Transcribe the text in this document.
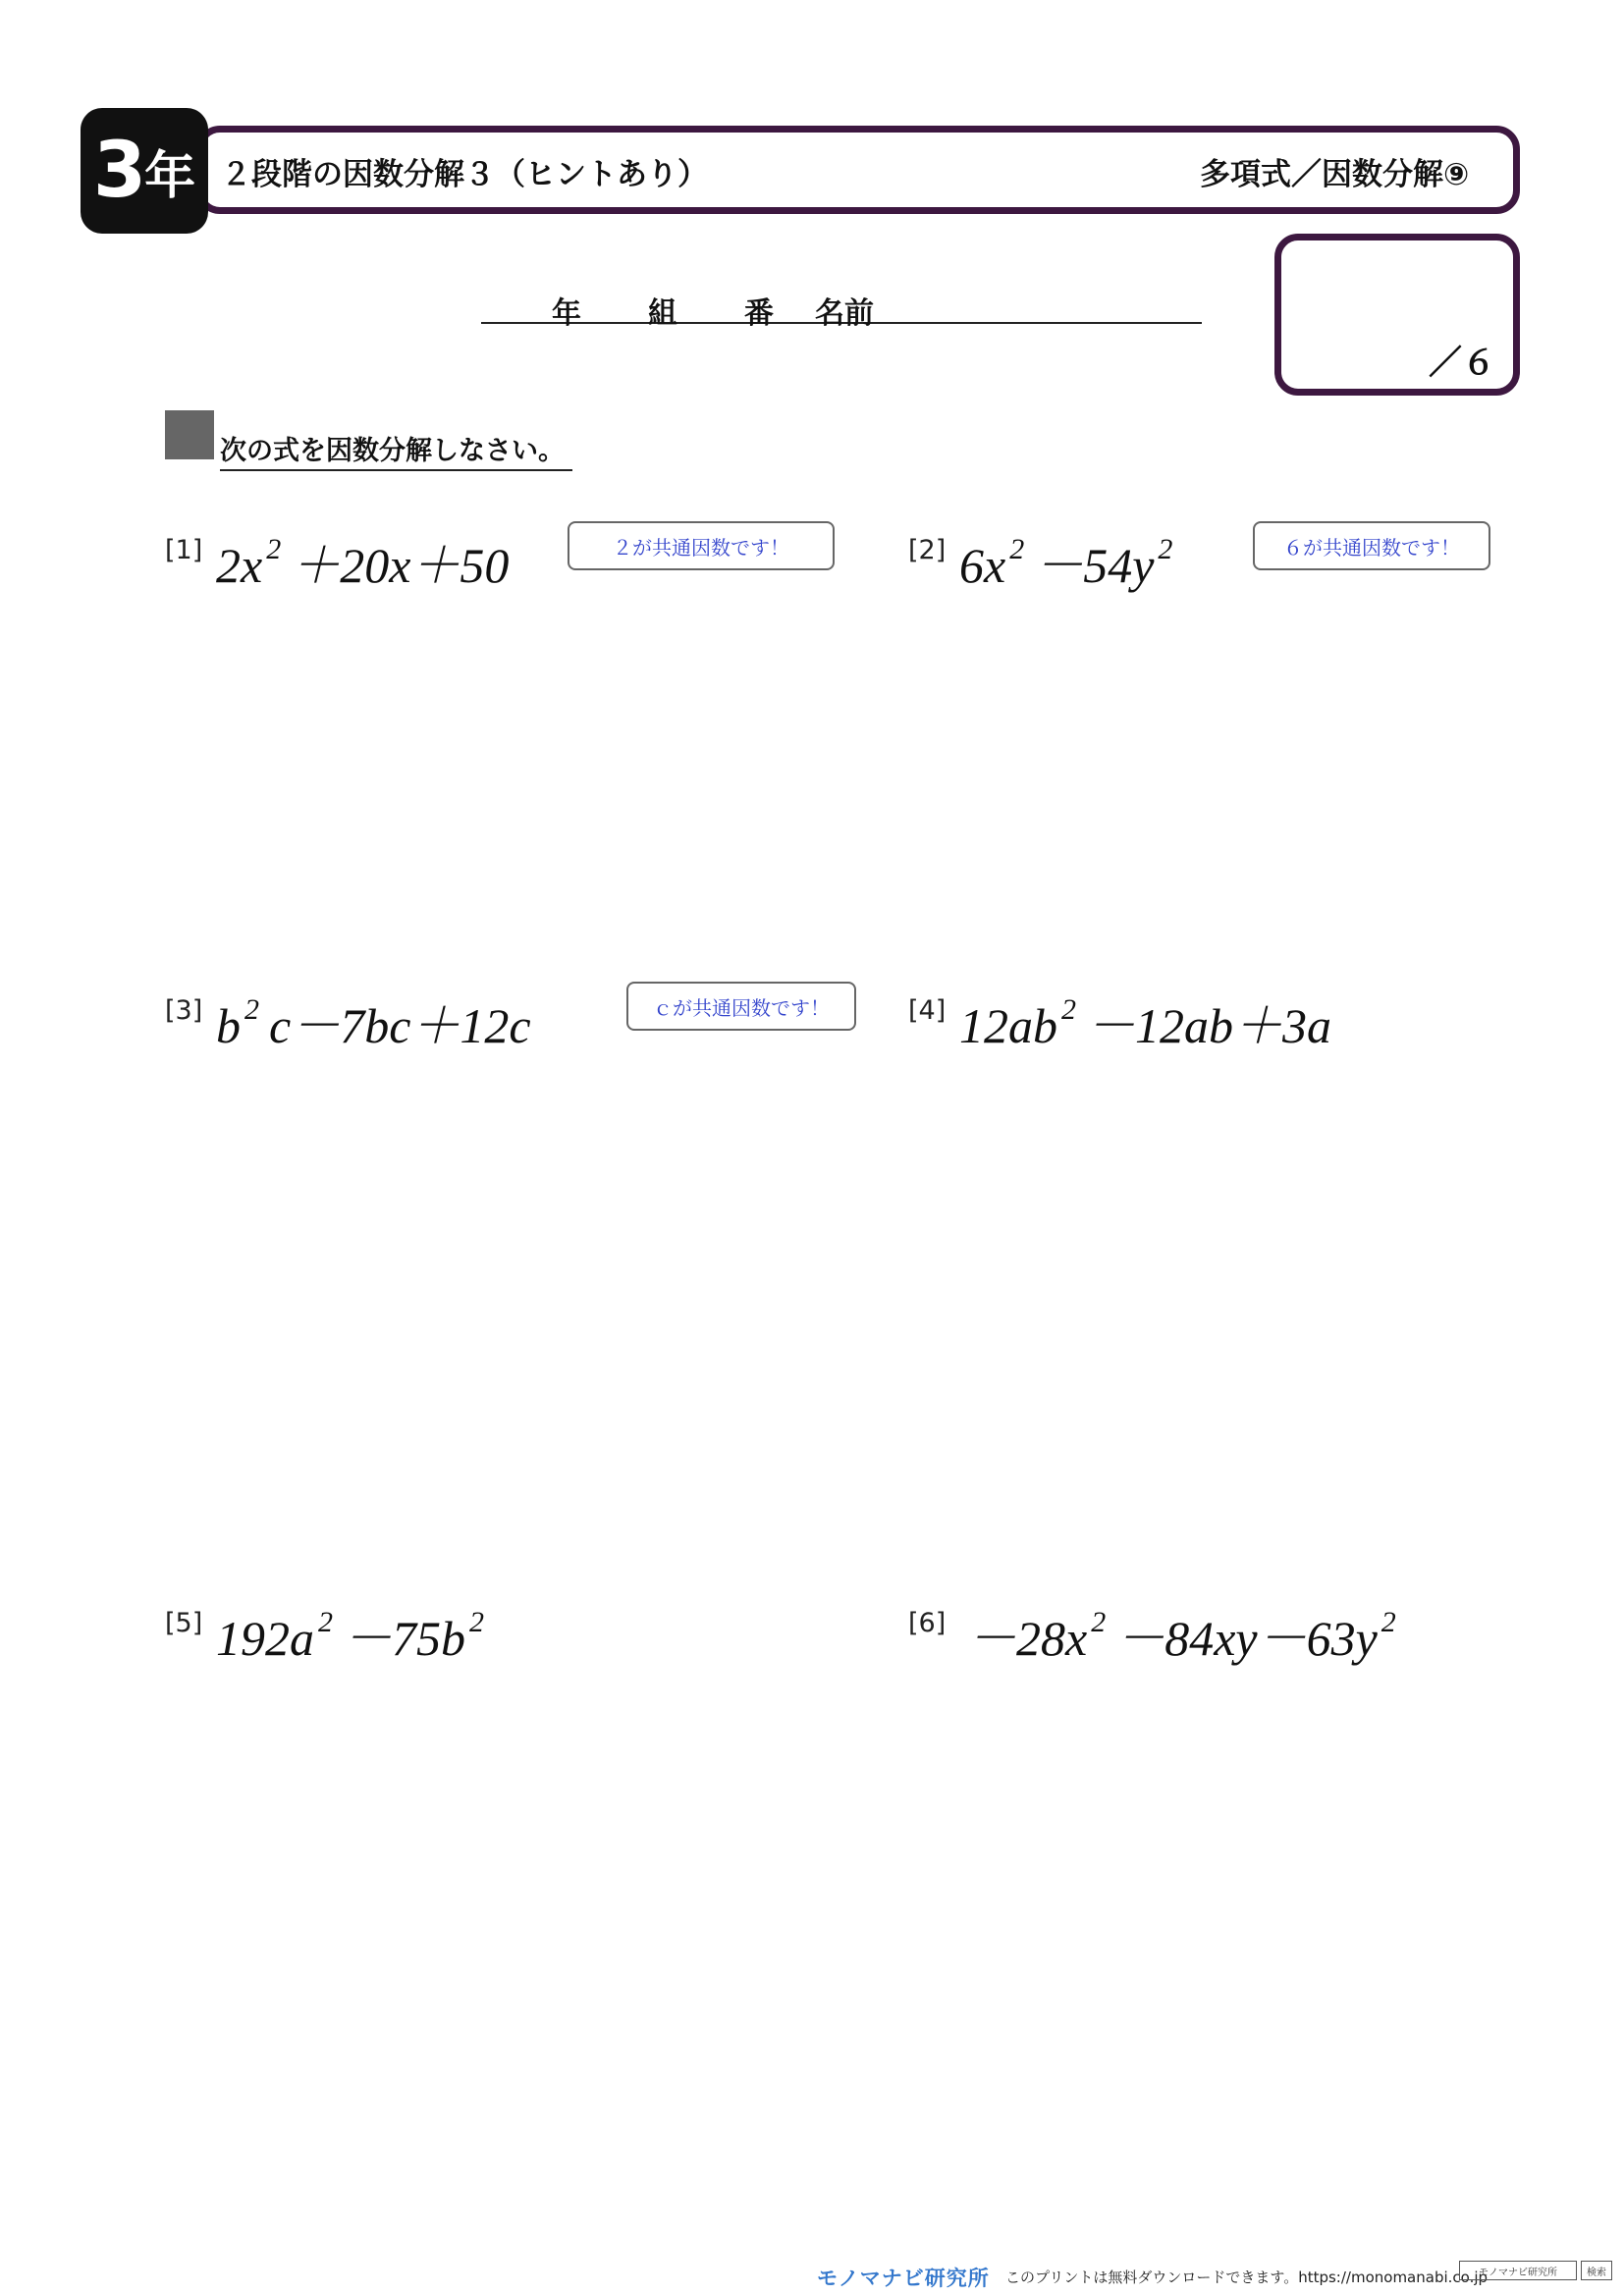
3 年 ２段階の因数分解３（ヒントあり）	多項式／因数分解⑨
年 組 番 名前
／６
次の式を因数分解しなさい。
[1] 2x $^2$ ＋20x＋50	２が共通因数です！	[2] 6x $^2$ －54y $^2$	６が共通因数です！
[3] b $^2$ c－7bc＋12c	ｃが共通因数です！	[4] 12ab $^2$ －12ab＋3a
[5] 192a $^2$ －75b $^2$	[6] －28x $^2$ －84xy－63y $^2$
モノマナビ研究所 このプリントは無料ダウンロードできます。https://monomanabi.co.jp
モノマナビ研究所	検索
